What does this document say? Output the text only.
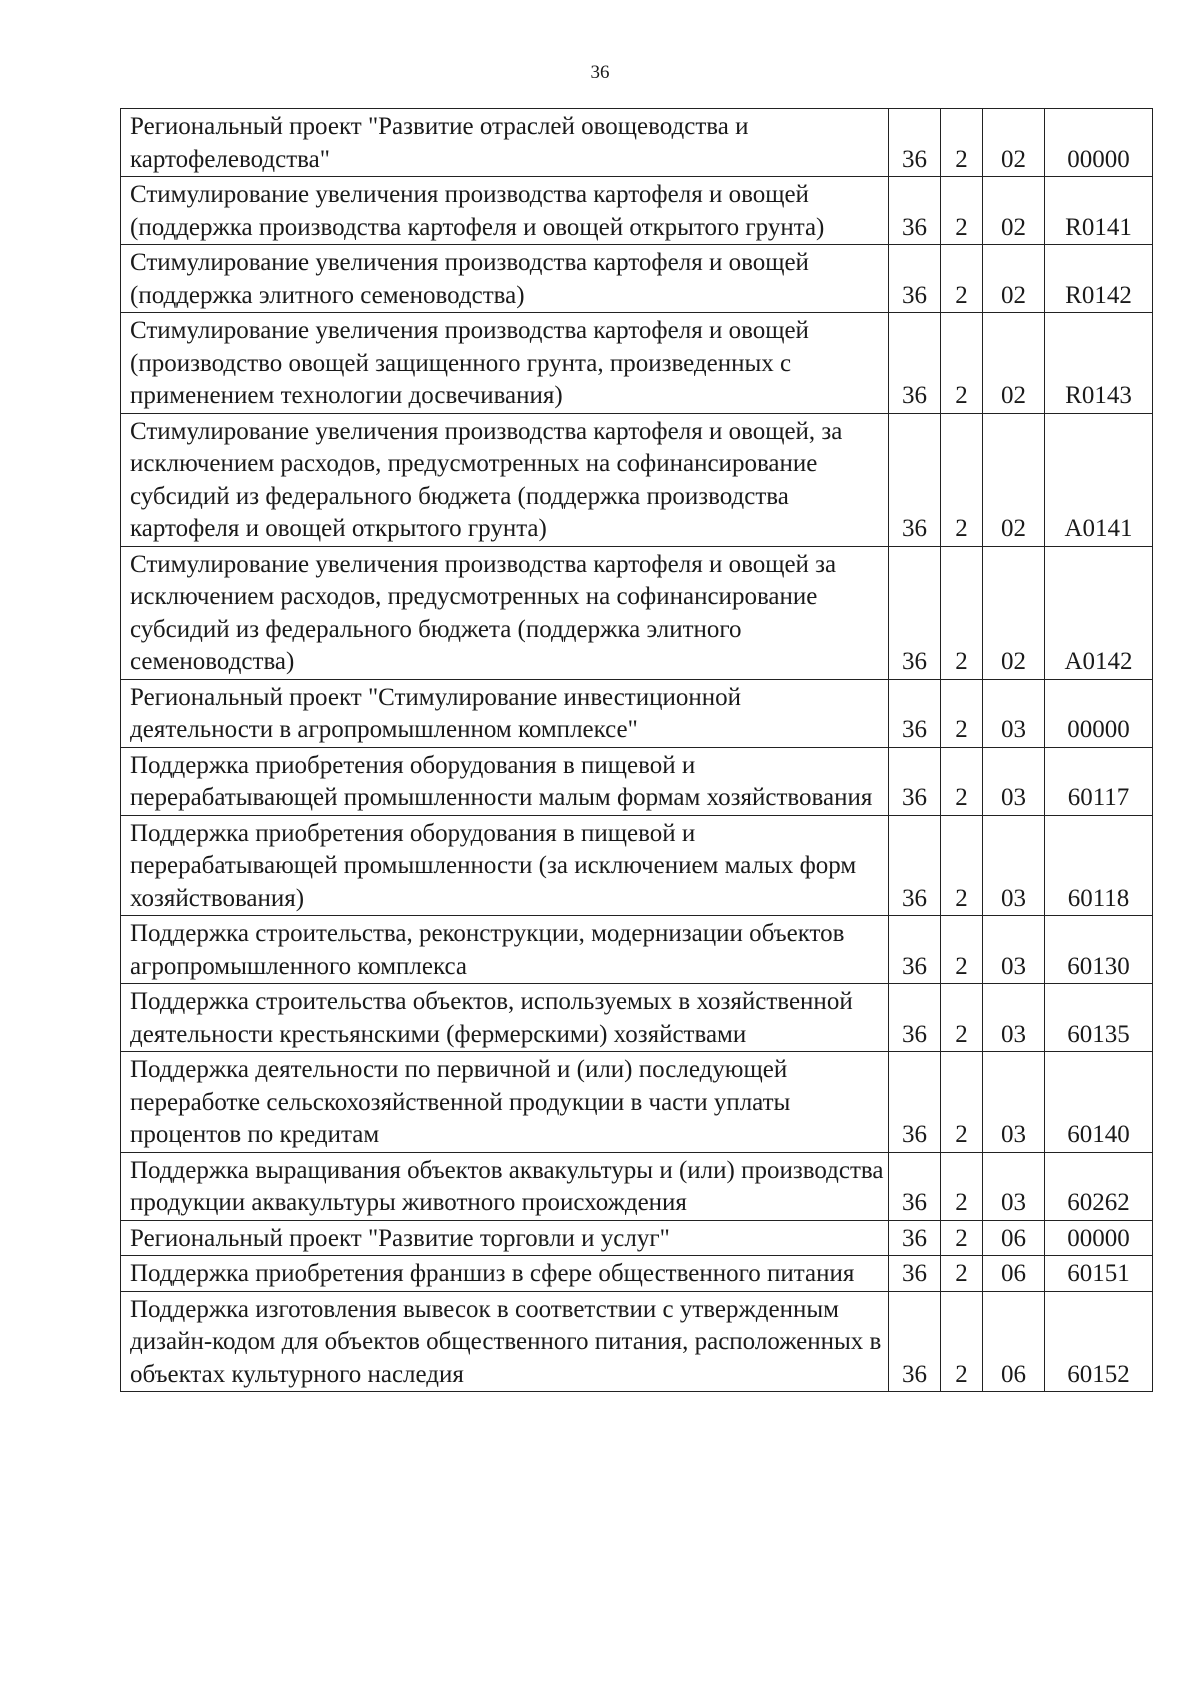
36
Региональный проект "Развитие отраслей овощеводства и картофелеводства"	36	2	02	00000
Стимулирование увеличения производства картофеля и овощей (поддержка производства картофеля и овощей открытого грунта)	36	2	02	R0141
Стимулирование увеличения производства картофеля и овощей (поддержка элитного семеноводства)	36	2	02	R0142
Стимулирование увеличения производства картофеля и овощей (производство овощей защищенного грунта, произведенных с применением технологии досвечивания)	36	2	02	R0143
Стимулирование увеличения производства картофеля и овощей, за исключением расходов, предусмотренных на софинансирование субсидий из федерального бюджета (поддержка производства картофеля и овощей открытого грунта)	36	2	02	A0141
Стимулирование увеличения производства картофеля и овощей за исключением расходов, предусмотренных на софинансирование субсидий из федерального бюджета (поддержка элитного семеноводства)	36	2	02	A0142
Региональный проект "Стимулирование инвестиционной деятельности в агропромышленном комплексе"	36	2	03	00000
Поддержка приобретения оборудования в пищевой и перерабатывающей промышленности малым формам хозяйствования	36	2	03	60117
Поддержка приобретения оборудования в пищевой и перерабатывающей промышленности (за исключением малых форм хозяйствования)	36	2	03	60118
Поддержка строительства, реконструкции, модернизации объектов агропромышленного комплекса	36	2	03	60130
Поддержка строительства объектов, используемых в хозяйственной деятельности крестьянскими (фермерскими) хозяйствами	36	2	03	60135
Поддержка деятельности по первичной и (или) последующей переработке сельскохозяйственной продукции в части уплаты процентов по кредитам	36	2	03	60140
Поддержка выращивания объектов аквакультуры и (или) производства продукции аквакультуры животного происхождения	36	2	03	60262
Региональный проект "Развитие торговли и услуг"	36	2	06	00000
Поддержка приобретения франшиз в сфере общественного питания	36	2	06	60151
Поддержка изготовления вывесок в соответствии с утвержденным дизайн-кодом для объектов общественного питания, расположенных в объектах культурного наследия	36	2	06	60152
